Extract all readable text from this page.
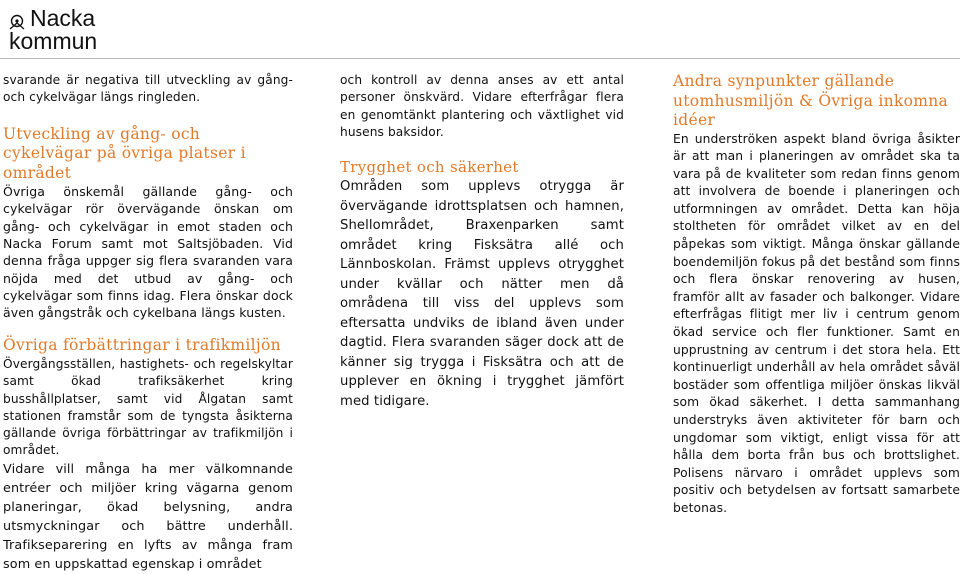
Nacka
kommun

svarande är negativa till utveckling av gång- och cykelvägar längs ringleden.

Utveckling av gång- och cykelvägar på övriga platser i området

Övriga önskemål gällande gång- och cykelvägar rör övervägande önskan om gång- och cykelvägar in emot staden och Nacka Forum samt mot Saltsjöbaden. Vid denna fråga uppger sig flera svaranden vara nöjda med det utbud av gång- och cykelvägar som finns idag. Flera önskar dock även gångstråk och cykelbana längs kusten.

Övriga förbättringar i trafikmiljön

Övergångsställen, hastighets- och regelskyltar samt ökad trafiksäkerhet kring busshållplatser, samt vid Ålgatan samt stationen framstår som de tyngsta åsikterna gällande övriga förbättringar av trafikmiljön i området.

Vidare vill många ha mer välkomnande entréer och miljöer kring vägarna genom planeringar, ökad belysning, andra utsmyckningar och bättre underhåll. Trafikseparering en lyfts av många fram som en uppskattad egenskap i området

och kontroll av denna anses av ett antal personer önskvärd. Vidare efterfrågar flera en genomtänkt plantering och växtlighet vid husens baksidor.

Trygghet och säkerhet

Områden som upplevs otrygga är övervägande idrottsplatsen och hamnen, Shellområdet, Braxenparken samt området kring Fisksätra allé och Lännboskolan. Främst upplevs otrygghet under kvällar och nätter men då områdena till viss del upplevs som eftersatta undviks de ibland även under dagtid. Flera svaranden säger dock att de känner sig trygga i Fisksätra och att de upplever en ökning i trygghet jämfört med tidigare.

Andra synpunkter gällande utomhusmiljön & Övriga inkomna idéer

En underströken aspekt bland övriga åsikter är att man i planeringen av området ska ta vara på de kvaliteter som redan finns genom att involvera de boende i planeringen och utformningen av området. Detta kan höja stoltheten för området vilket av en del påpekas som viktigt. Många önskar gällande boendemiljön fokus på det bestånd som finns och flera önskar renovering av husen, framför allt av fasader och balkonger. Vidare efterfrågas flitigt mer liv i centrum genom ökad service och fler funktioner. Samt en upprustning av centrum i det stora hela. Ett kontinuerligt underhåll av hela området såväl bostäder som offentliga miljöer önskas likväl som ökad säkerhet. I detta sammanhang understryks även aktiviteter för barn och ungdomar som viktigt, enligt vissa för att hålla dem borta från bus och brottslighet. Polisens närvaro i området upplevs som positiv och betydelsen av fortsatt samarbete betonas.
